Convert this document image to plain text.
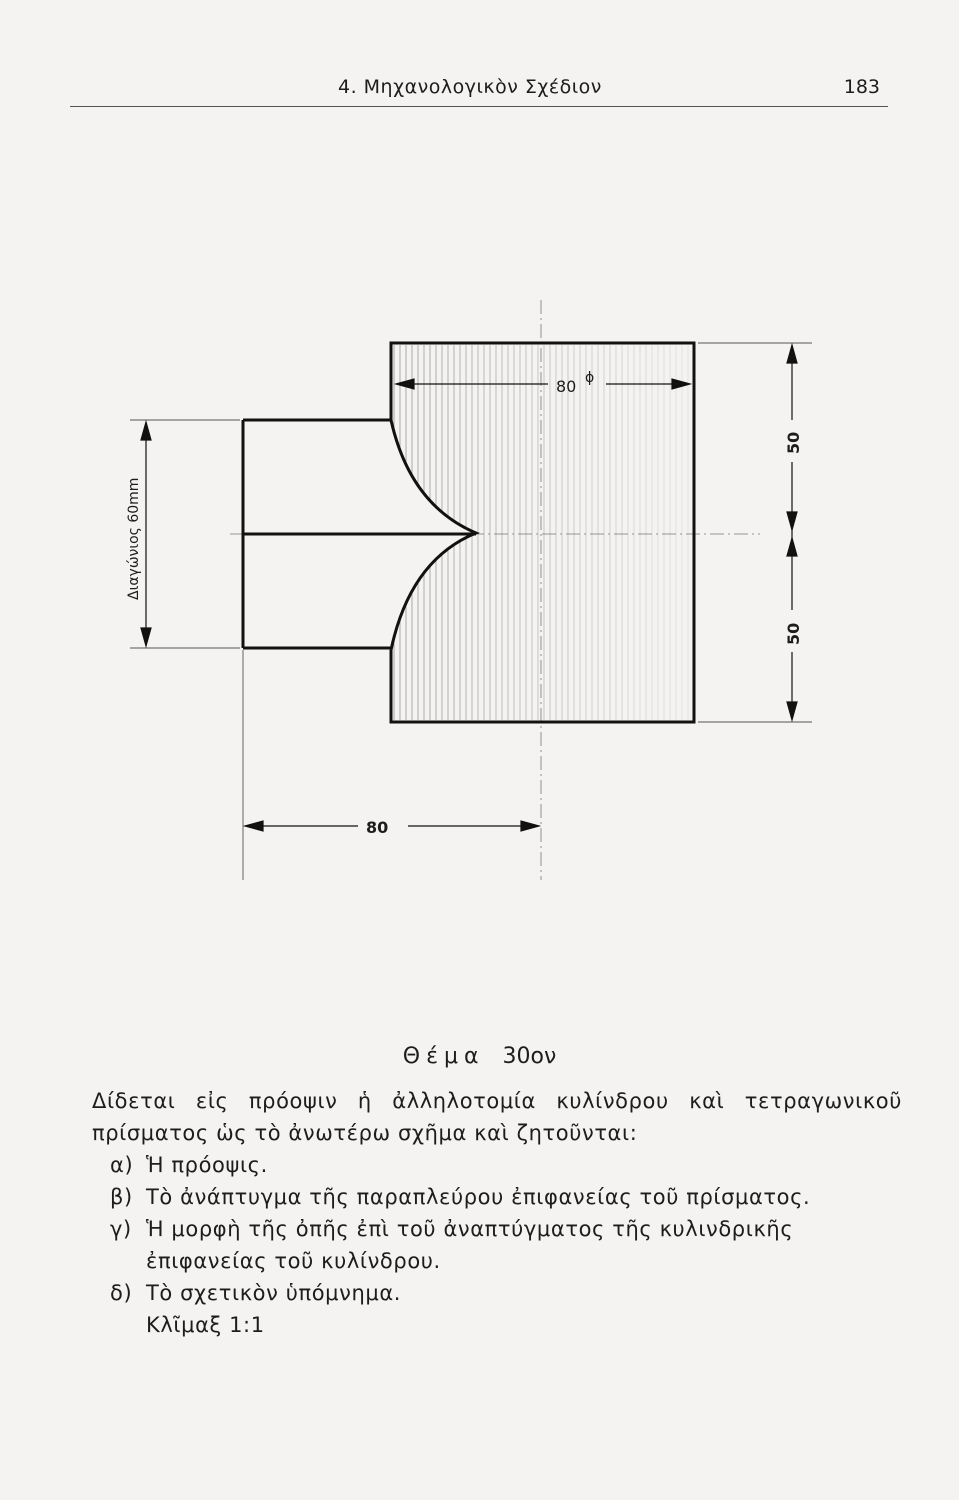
4. Μηχανολογικὸν Σχέδιον	183
80 ϕ
80
50
50
Διαγώνιος 60mm
Θέμα 30ον

Δίδεται εἰς πρόοψιν ἡ ἀλληλοτομία κυλίνδρου καὶ τετραγωνικοῦ πρίσματος ὡς τὸ ἀνωτέρω σχῆμα καὶ ζητοῦνται:

α) Ἡ πρόοψις.

β) Τὸ ἀνάπτυγμα τῆς παραπλεύρου ἐπιφανείας τοῦ πρίσματος.

γ) Ἡ μορφὴ τῆς ὀπῆς ἐπὶ τοῦ ἀναπτύγματος τῆς κυλινδρικῆς

ἐπιφανείας τοῦ κυλίνδρου.

δ) Τὸ σχετικὸν ὑπόμνημα.

Κλῖμαξ 1:1
